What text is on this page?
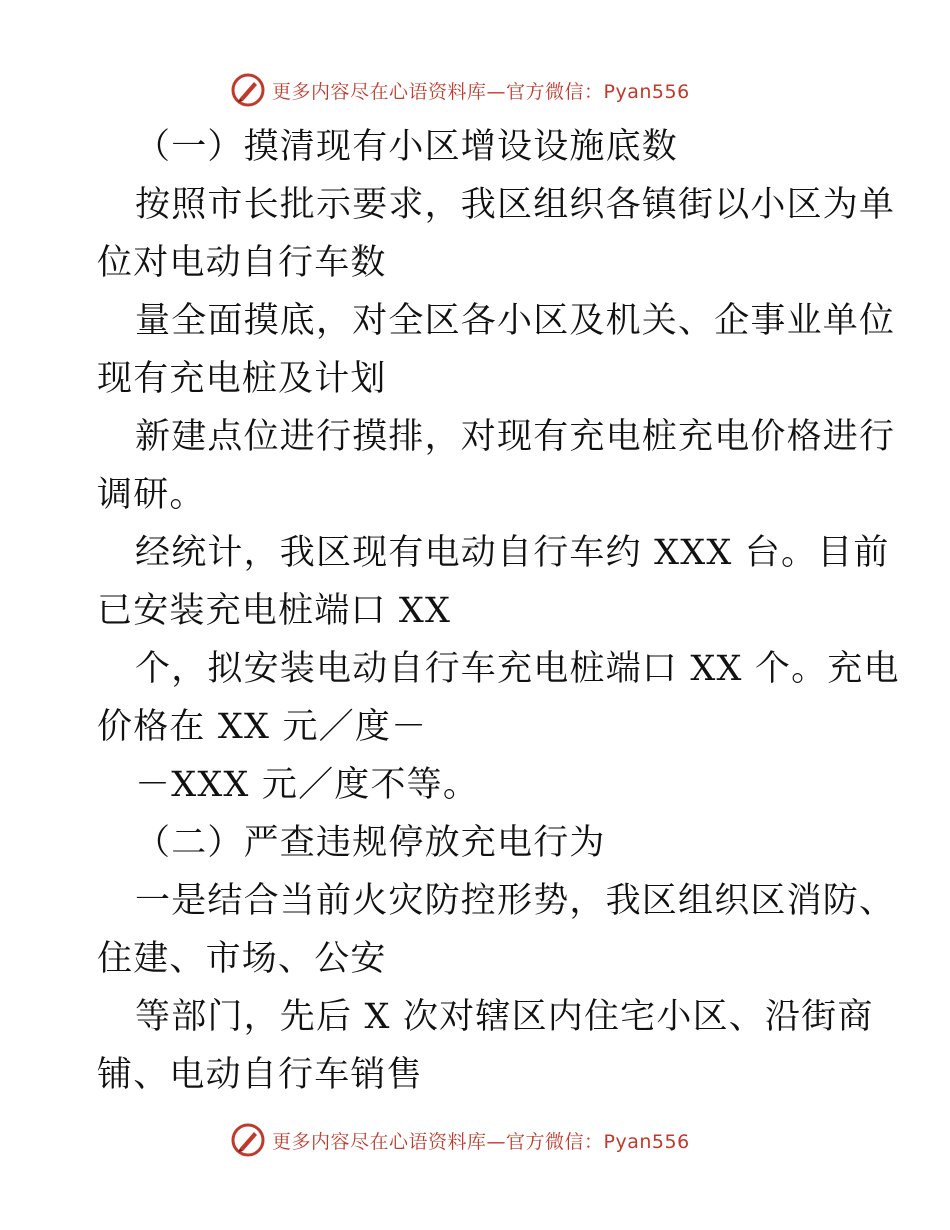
更多内容尽在心语资料库—官方微信：Pyan556

（一）摸清现有小区增设设施底数

按照市长批示要求，我区组织各镇街以小区为单

位对电动自行车数

量全面摸底，对全区各小区及机关、企事业单位

现有充电桩及计划

新建点位进行摸排，对现有充电桩充电价格进行

调研。

经统计，我区现有电动自行车约 XXX 台。目前

已安装充电桩端口 XX

个，拟安装电动自行车充电桩端口 XX 个。充电

价格在 XX 元／度－

－XXX 元／度不等。

（二）严查违规停放充电行为

一是结合当前火灾防控形势，我区组织区消防、

住建、市场、公安

等部门，先后 X 次对辖区内住宅小区、沿街商

铺、电动自行车销售

更多内容尽在心语资料库—官方微信：Pyan556
